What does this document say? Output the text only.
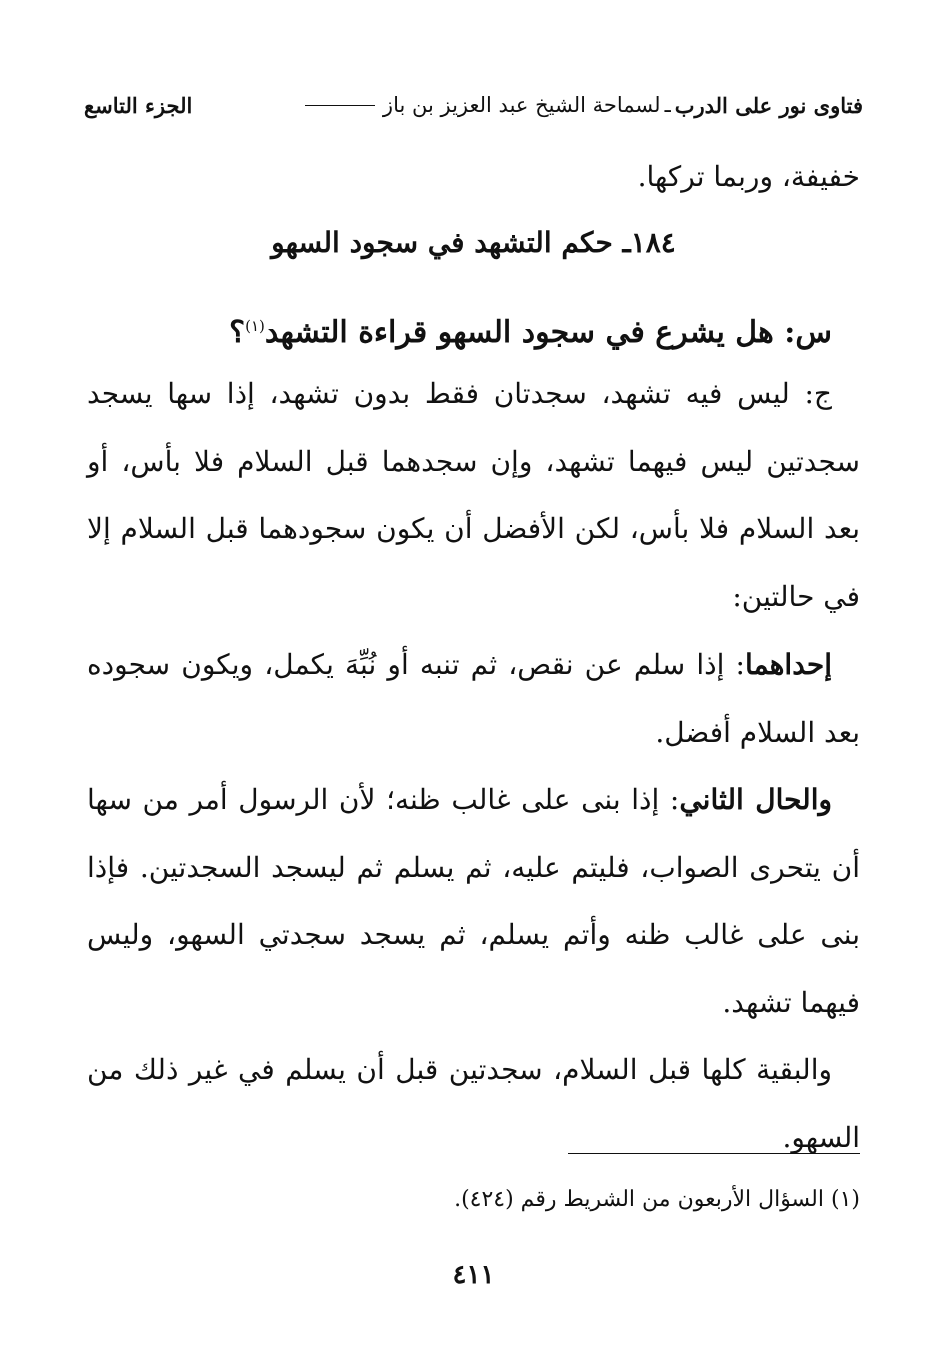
فتاوى نور على الدرب
ـ
لسماحة الشيخ عبد العزيز بن باز
الجزء التاسع

خفيفة، وربما تركها.

١٨٤ـ حكم التشهد في سجود السهو
س: هل يشرع في سجود السهو قراءة التشهد$^{(١)}$؟

ج: ليس فيه تشهد، سجدتان فقط بدون تشهد، إذا سها يسجد سجدتين ليس فيهما تشهد، وإن سجدهما قبل السلام فلا بأس، أو بعد السلام فلا بأس، لكن الأفضل أن يكون سجودهما قبل السلام إلا في حالتين:

إحداهما: إذا سلم عن نقص، ثم تنبه أو نُبِّهَ يكمل، ويكون سجوده بعد السلام أفضل.

والحال الثاني: إذا بنى على غالب ظنه؛ لأن الرسول أمر من سها أن يتحرى الصواب، فليتم عليه، ثم يسلم ثم ليسجد السجدتين. فإذا بنى على غالب ظنه وأتم يسلم، ثم يسجد سجدتي السهو، وليس فيهما تشهد.

والبقية كلها قبل السلام، سجدتين قبل أن يسلم في غير ذلك من السهو.

(١) السؤال الأربعون من الشريط رقم (٤٢٤).
٤١١
